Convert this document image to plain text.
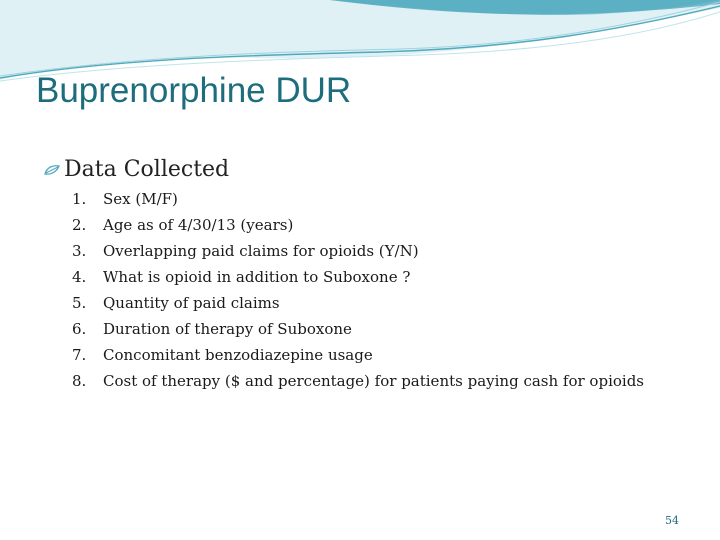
Buprenorphine DUR
Data Collected
1.	Sex (M/F)
2.	Age as of 4/30/13 (years)
3.	Overlapping paid claims for opioids (Y/N)
4.	What is opioid in addition to Suboxone ?
5.	Quantity of paid claims
6.	Duration of therapy of Suboxone
7.	Concomitant benzodiazepine usage
8.	Cost of therapy ($ and percentage) for patients paying cash for opioids
54
